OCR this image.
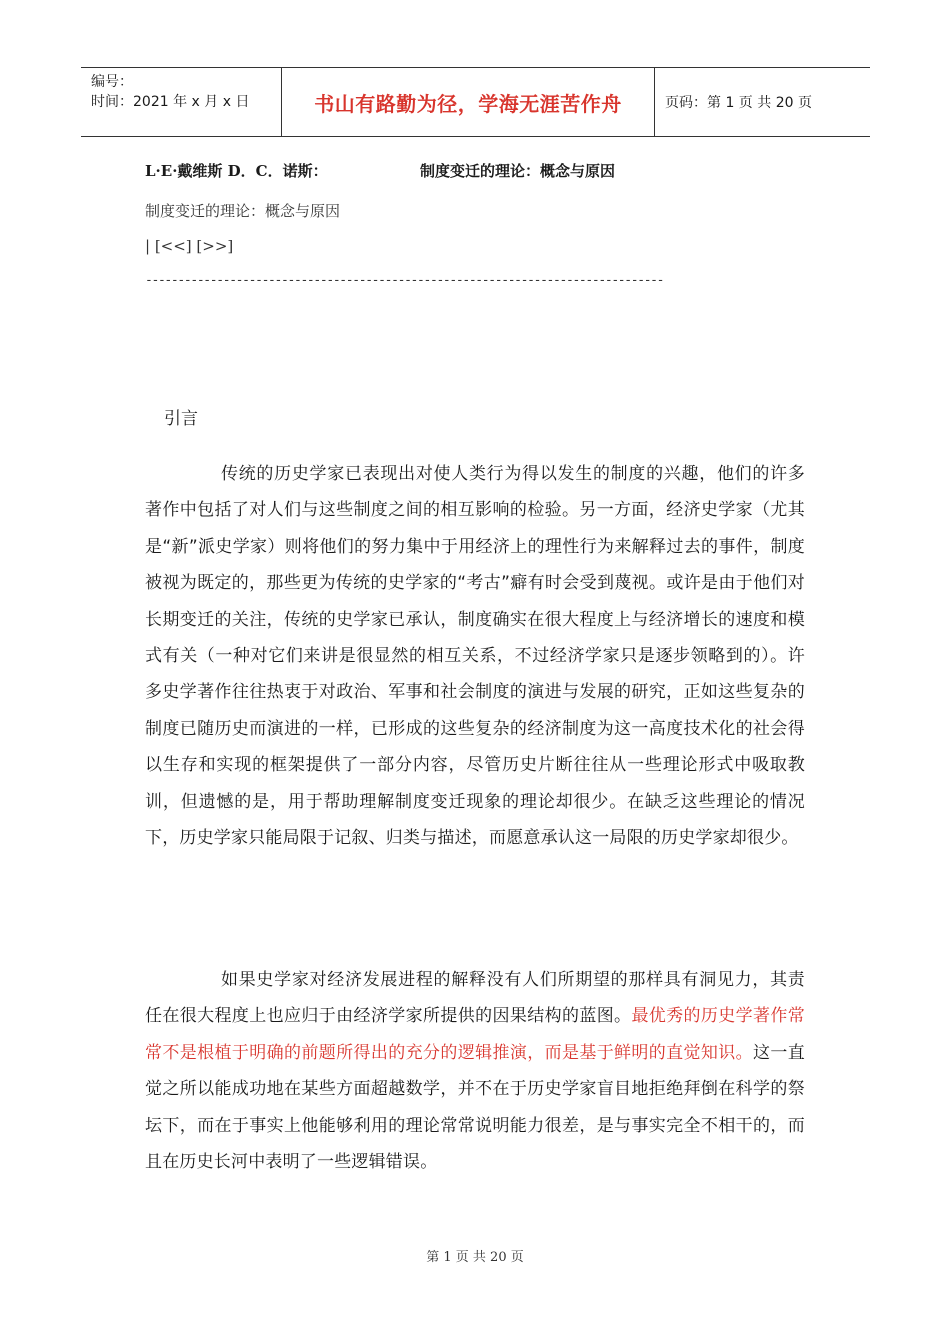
编号：
时间：2021 年 x 月 x 日	书山有路勤为径，学海无涯苦作舟	页码：第 1 页 共 20 页
L·E·戴维斯 D．C．诺斯：	制度变迁的理论：概念与原因
制度变迁的理论：概念与原因
| [<<] [>>]
--------------------------------------------------------------------------------
引言

传统的历史学家已表现出对使人类行为得以发生的制度的兴趣，他们的许多著作中包括了对人们与这些制度之间的相互影响的检验。另一方面，经济史学家（尤其是“新”派史学家）则将他们的努力集中于用经济上的理性行为来解释过去的事件，制度被视为既定的，那些更为传统的史学家的“考古”癖有时会受到蔑视。或许是由于他们对长期变迁的关注，传统的史学家已承认，制度确实在很大程度上与经济增长的速度和模式有关（一种对它们来讲是很显然的相互关系，不过经济学家只是逐步领略到的）。许多史学著作往往热衷于对政治、军事和社会制度的演进与发展的研究，正如这些复杂的制度已随历史而演进的一样，已形成的这些复杂的经济制度为这一高度技术化的社会得以生存和实现的框架提供了一部分内容，尽管历史片断往往从一些理论形式中吸取教训，但遗憾的是，用于帮助理解制度变迁现象的理论却很少。在缺乏这些理论的情况下，历史学家只能局限于记叙、归类与描述，而愿意承认这一局限的历史学家却很少。

如果史学家对经济发展进程的解释没有人们所期望的那样具有洞见力，其责任在很大程度上也应归于由经济学家所提供的因果结构的蓝图。最优秀的历史学著作常常不是根植于明确的前题所得出的充分的逻辑推演，而是基于鲜明的直觉知识。这一直觉之所以能成功地在某些方面超越数学，并不在于历史学家盲目地拒绝拜倒在科学的祭坛下，而在于事实上他能够利用的理论常常说明能力很差，是与事实完全不相干的，而且在历史长河中表明了一些逻辑错误。

第 1 页 共 20 页
